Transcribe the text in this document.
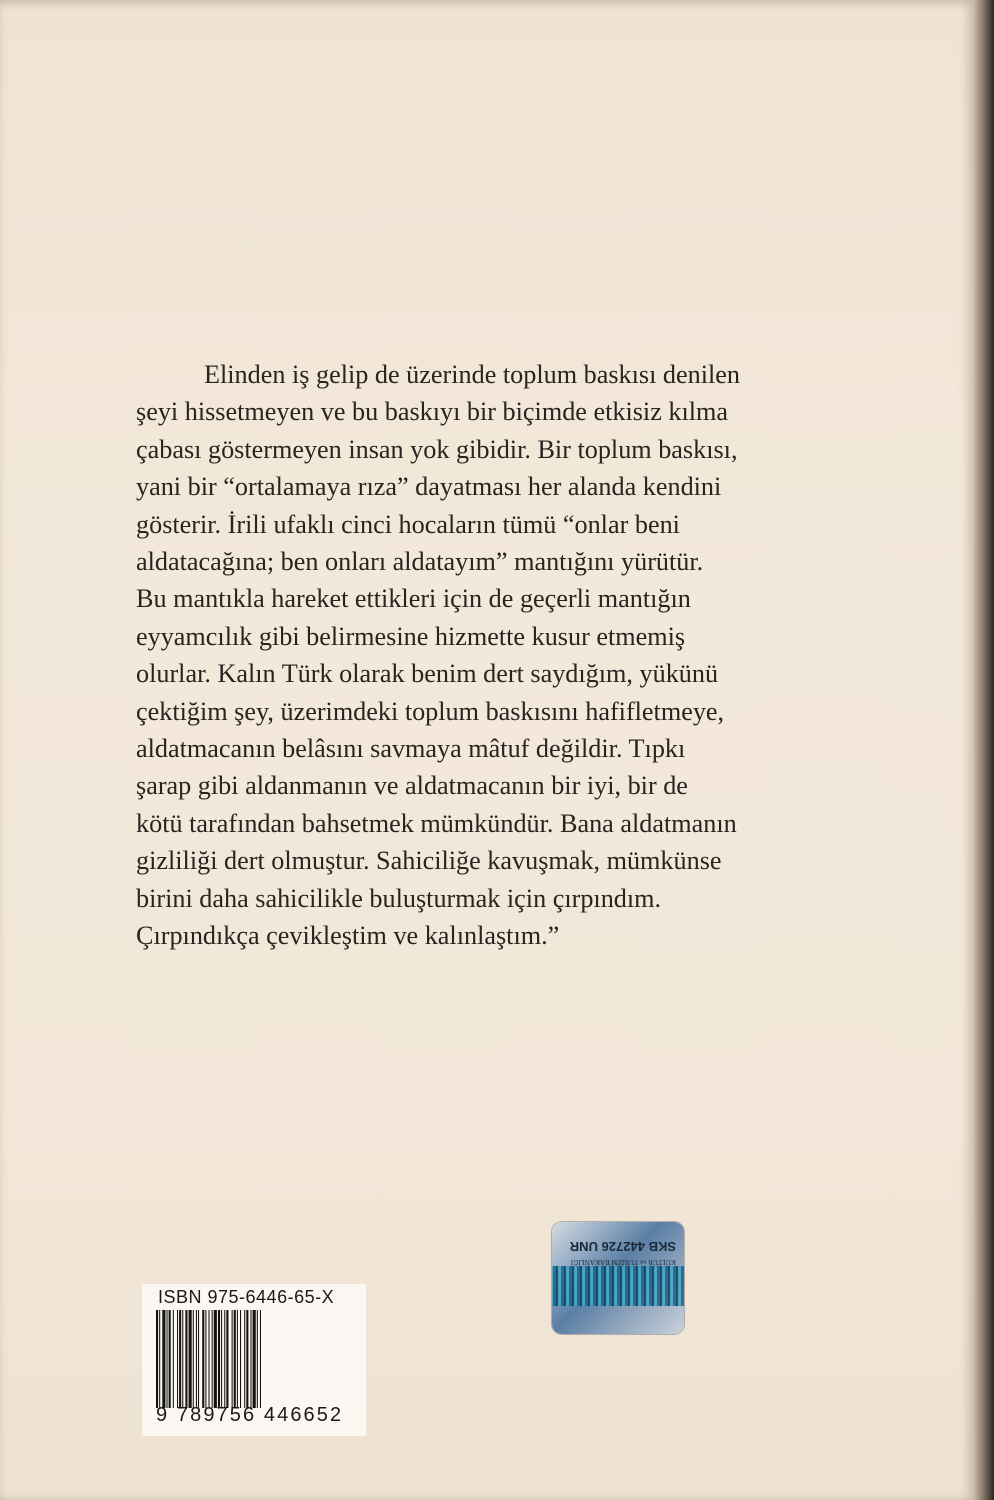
Elinden iş gelip de üzerinde toplum baskısı denilen
şeyi hissetmeyen ve bu baskıyı bir biçimde etkisiz kılma
çabası göstermeyen insan yok gibidir. Bir toplum baskısı,
yani bir “ortalamaya rıza” dayatması her alanda kendini
gösterir. İrili ufaklı cinci hocaların tümü “onlar beni
aldatacağına; ben onları aldatayım” mantığını yürütür.
Bu mantıkla hareket ettikleri için de geçerli mantığın
eyyamcılık gibi belirmesine hizmette kusur etmemiş
olurlar. Kalın Türk olarak benim dert saydığım, yükünü
çektiğim şey, üzerimdeki toplum baskısını hafifletmeye,
aldatmacanın belâsını savmaya mâtuf değildir. Tıpkı
şarap gibi aldanmanın ve aldatmacanın bir iyi, bir de
kötü tarafından bahsetmek mümkündür. Bana aldatmanın
gizliliği dert olmuştur. Sahiciliğe kavuşmak, mümkünse
birini daha sahicilikle buluşturmak için çırpındım.
Çırpındıkça çevikleştim ve kalınlaştım.”
KÜLTÜR ve TURİZM BAKANLIĞI
SKB 442726 UNR
ISBN 975-6446-65-X
9 789756 446652
